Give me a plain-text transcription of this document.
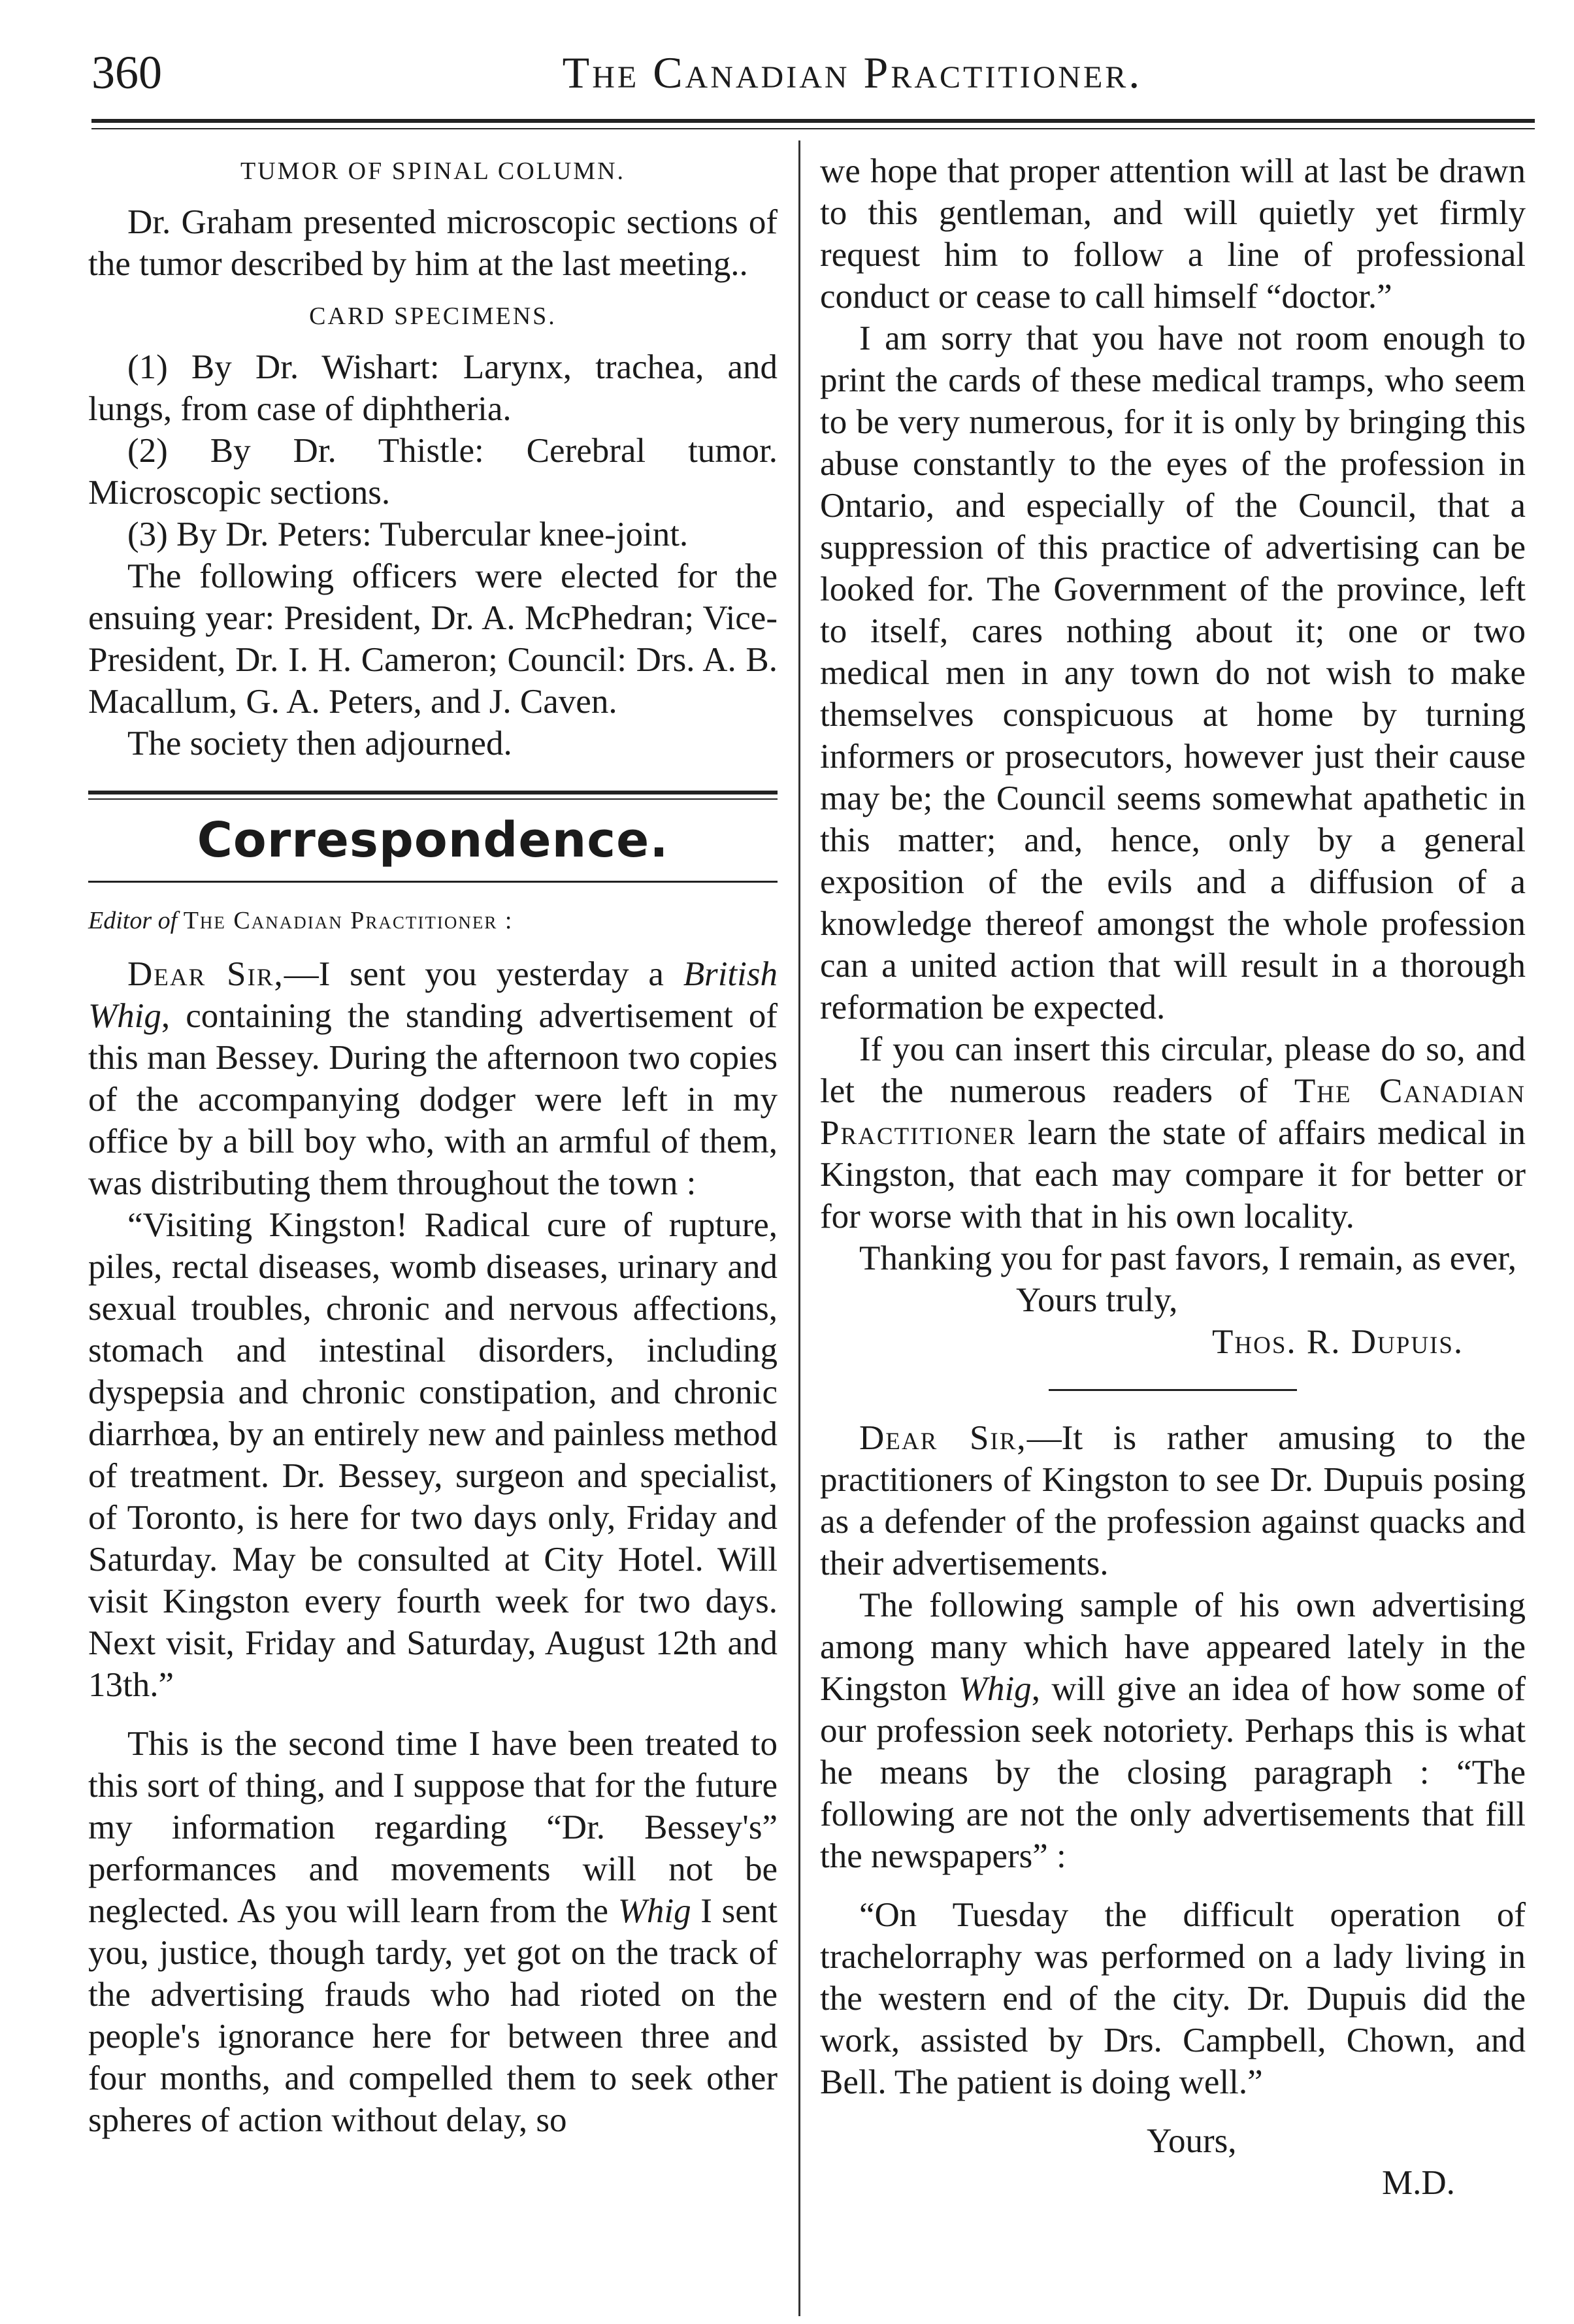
360	The Canadian Practitioner.
TUMOR OF SPINAL COLUMN.

Dr. Graham presented microscopic sections of the tumor described by him at the last meeting..

CARD SPECIMENS.

(1) By Dr. Wishart: Larynx, trachea, and lungs, from case of diphtheria.

(2) By Dr. Thistle: Cerebral tumor. Microscopic sections.

(3) By Dr. Peters: Tubercular knee-joint.

The following officers were elected for the ensuing year: President, Dr. A. McPhedran; Vice-President, Dr. I. H. Cameron; Council: Drs. A. B. Macallum, G. A. Peters, and J. Caven.

The society then adjourned.

Correspondence.
Editor of The Canadian Practitioner :

Dear Sir,—I sent you yesterday a British Whig, containing the standing advertisement of this man Bessey. During the afternoon two copies of the accompanying dodger were left in my office by a bill boy who, with an armful of them, was distributing them throughout the town :

“Visiting Kingston! Radical cure of rupture, piles, rectal diseases, womb diseases, urinary and sexual troubles, chronic and nervous affections, stomach and intestinal disorders, including dyspepsia and chronic constipation, and chronic diarrhœa, by an entirely new and painless method of treatment. Dr. Bessey, surgeon and specialist, of Toronto, is here for two days only, Friday and Saturday. May be consulted at City Hotel. Will visit Kingston every fourth week for two days. Next visit, Friday and Saturday, August 12th and 13th.”

This is the second time I have been treated to this sort of thing, and I suppose that for the future my information regarding “Dr. Bessey's” performances and movements will not be neglected. As you will learn from the Whig I sent you, justice, though tardy, yet got on the track of the advertising frauds who had rioted on the people's ignorance here for between three and four months, and compelled them to seek other spheres of action without delay, so

we hope that proper attention will at last be drawn to this gentleman, and will quietly yet firmly request him to follow a line of professional conduct or cease to call himself “doctor.”

I am sorry that you have not room enough to print the cards of these medical tramps, who seem to be very numerous, for it is only by bringing this abuse constantly to the eyes of the profession in Ontario, and especially of the Council, that a suppression of this practice of advertising can be looked for. The Government of the province, left to itself, cares nothing about it; one or two medical men in any town do not wish to make themselves conspicuous at home by turning informers or prosecutors, however just their cause may be; the Council seems somewhat apathetic in this matter; and, hence, only by a general exposition of the evils and a diffusion of a knowledge thereof amongst the whole profession can a united action that will result in a thorough reformation be expected.

If you can insert this circular, please do so, and let the numerous readers of The Canadian Practitioner learn the state of affairs medical in Kingston, that each may compare it for better or for worse with that in his own locality.

Thanking you for past favors, I remain, as ever,

Yours truly,
Thos. R. Dupuis.

Dear Sir,—It is rather amusing to the practitioners of Kingston to see Dr. Dupuis posing as a defender of the profession against quacks and their advertisements.

The following sample of his own advertising among many which have appeared lately in the Kingston Whig, will give an idea of how some of our profession seek notoriety. Perhaps this is what he means by the closing paragraph : “The following are not the only advertisements that fill the newspapers” :

“On Tuesday the difficult operation of trachelorraphy was performed on a lady living in the western end of the city. Dr. Dupuis did the work, assisted by Drs. Campbell, Chown, and Bell. The patient is doing well.”

Yours,
M.D.
